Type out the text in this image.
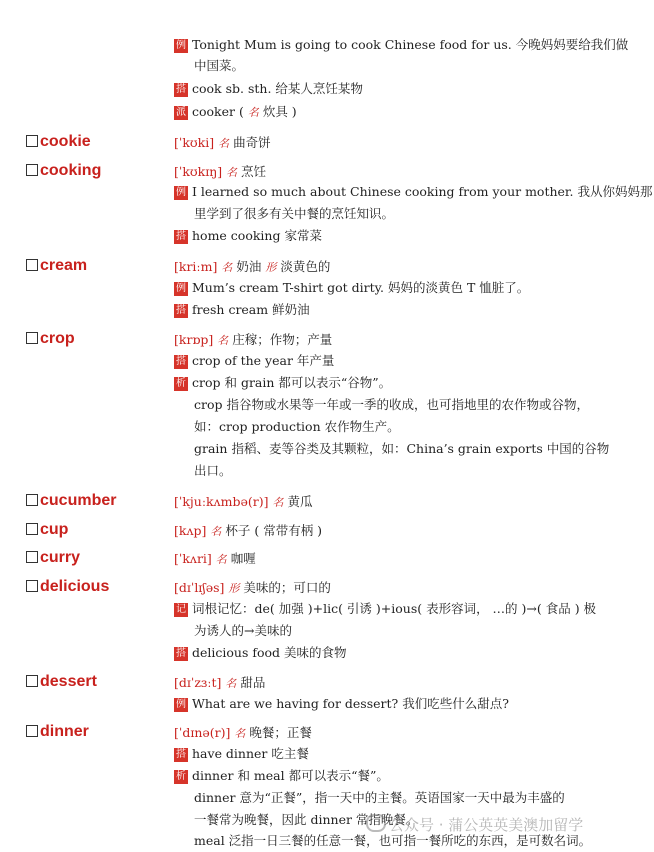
例 Tonight Mum is going to cook Chinese food for us. 今晚妈妈要给我们做
中国菜。
搭 cook sb. sth. 给某人烹饪某物
派 cooker ( 名 炊具 )
cookie	[ˈkʊki] 名 曲奇饼
cooking	[ˈkʊkɪŋ] 名 烹饪
例 I learned so much about Chinese cooking from your mother. 我从你妈妈那
里学到了很多有关中餐的烹饪知识。
搭 home cooking 家常菜
cream	[kriːm] 名 奶油 形 淡黄色的
例 Mum’s cream T-shirt got dirty. 妈妈的淡黄色 T 恤脏了。
搭 fresh cream 鲜奶油
crop	[krɒp] 名 庄稼；作物；产量
搭 crop of the year 年产量
析 crop 和 grain 都可以表示“谷物”。
crop 指谷物或水果等一年或一季的收成，也可指地里的农作物或谷物，
如：crop production 农作物生产。
grain 指稻、麦等谷类及其颗粒，如：China’s grain exports 中国的谷物
出口。
cucumber	[ˈkjuːkʌmbə(r)] 名 黄瓜
cup	[kʌp] 名 杯子 ( 常带有柄 )
curry	[ˈkʌri] 名 咖喱
delicious	[dɪˈlɪʃəs] 形 美味的；可口的
记 词根记忆：de( 加强 )+lic( 引诱 )+ious( 表形容词， …的 )→( 食品 ) 极
为诱人的→美味的
搭 delicious food 美味的食物
dessert	[dɪˈzɜːt] 名 甜品
例 What are we having for dessert? 我们吃些什么甜点?
dinner	[ˈdɪnə(r)] 名 晚餐；正餐
搭 have dinner 吃主餐
析 dinner 和 meal 都可以表示“餐”。
dinner 意为“正餐”，指一天中的主餐。英语国家一天中最为丰盛的
一餐常为晚餐，因此 dinner 常指晚餐。
meal 泛指一日三餐的任意一餐，也可指一餐所吃的东西，是可数名词。
公众号 · 蒲公英英美澳加留学
